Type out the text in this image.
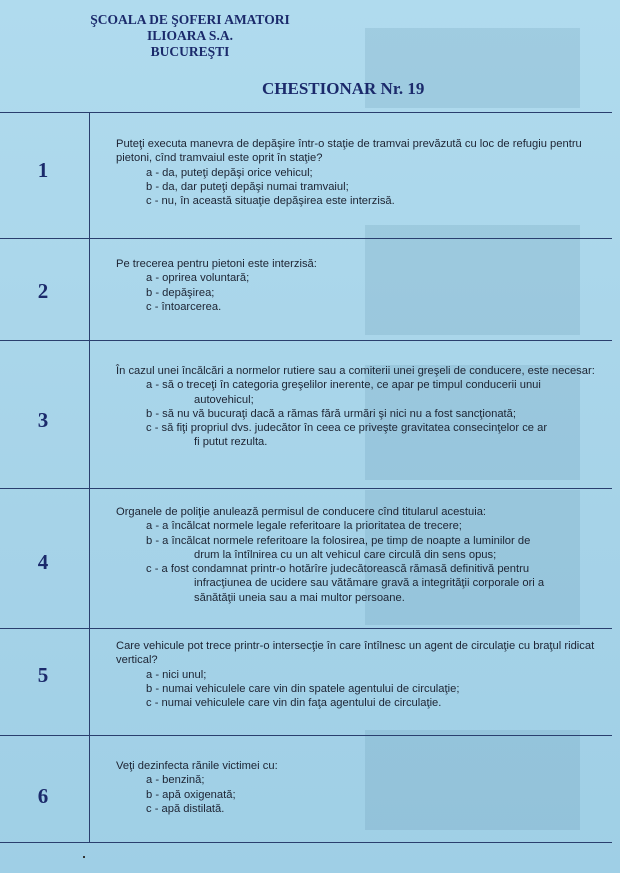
ŞCOALA DE ŞOFERI AMATORI
ILIOARA S.A.
BUCUREŞTI
CHESTIONAR Nr. 19
1

Puteţi executa manevra de depăşire într-o staţie de tramvai prevăzută cu loc de refugiu pentru pietoni, cînd tramvaiul este oprit în staţie?

a - da, puteţi depăşi orice vehicul;
b - da, dar puteţi depăşi numai tramvaiul;
c - nu, în această situaţie depăşirea este interzisă.
2

Pe trecerea pentru pietoni este interzisă:

a - oprirea voluntară;
b - depăşirea;
c - întoarcerea.
3

În cazul unei încălcări a normelor rutiere sau a comiterii unei greşeli de conducere, este necesar:

a - să o treceţi în categoria greşelilor inerente, ce apar pe timpul conducerii unui
autovehicul;
b - să nu vă bucuraţi dacă a rămas fără urmări şi nici nu a fost sancţionată;
c - să fiţi propriul dvs. judecător în ceea ce priveşte gravitatea consecinţelor ce ar
fi putut rezulta.
4

Organele de poliţie anulează permisul de conducere cînd titularul acestuia:

a - a încălcat normele legale referitoare la prioritatea de trecere;
b - a încălcat normele referitoare la folosirea, pe timp de noapte a luminilor de
drum la întîlnirea cu un alt vehicul care circulă din sens opus;
c - a fost condamnat printr-o hotărîre judecătorească rămasă definitivă pentru
infracţiunea de ucidere sau vătămare gravă a integrităţii corporale ori a
sănătăţii uneia sau a mai multor persoane.
5

Care vehicule pot trece printr-o intersecţie în care întîlnesc un agent de circulaţie cu braţul ridicat vertical?

a - nici unul;
b - numai vehiculele care vin din spatele agentului de circulaţie;
c - numai vehiculele care vin din faţa agentului de circulaţie.
6

Veţi dezinfecta rănile victimei cu:

a - benzină;
b - apă oxigenată;
c - apă distilată.
